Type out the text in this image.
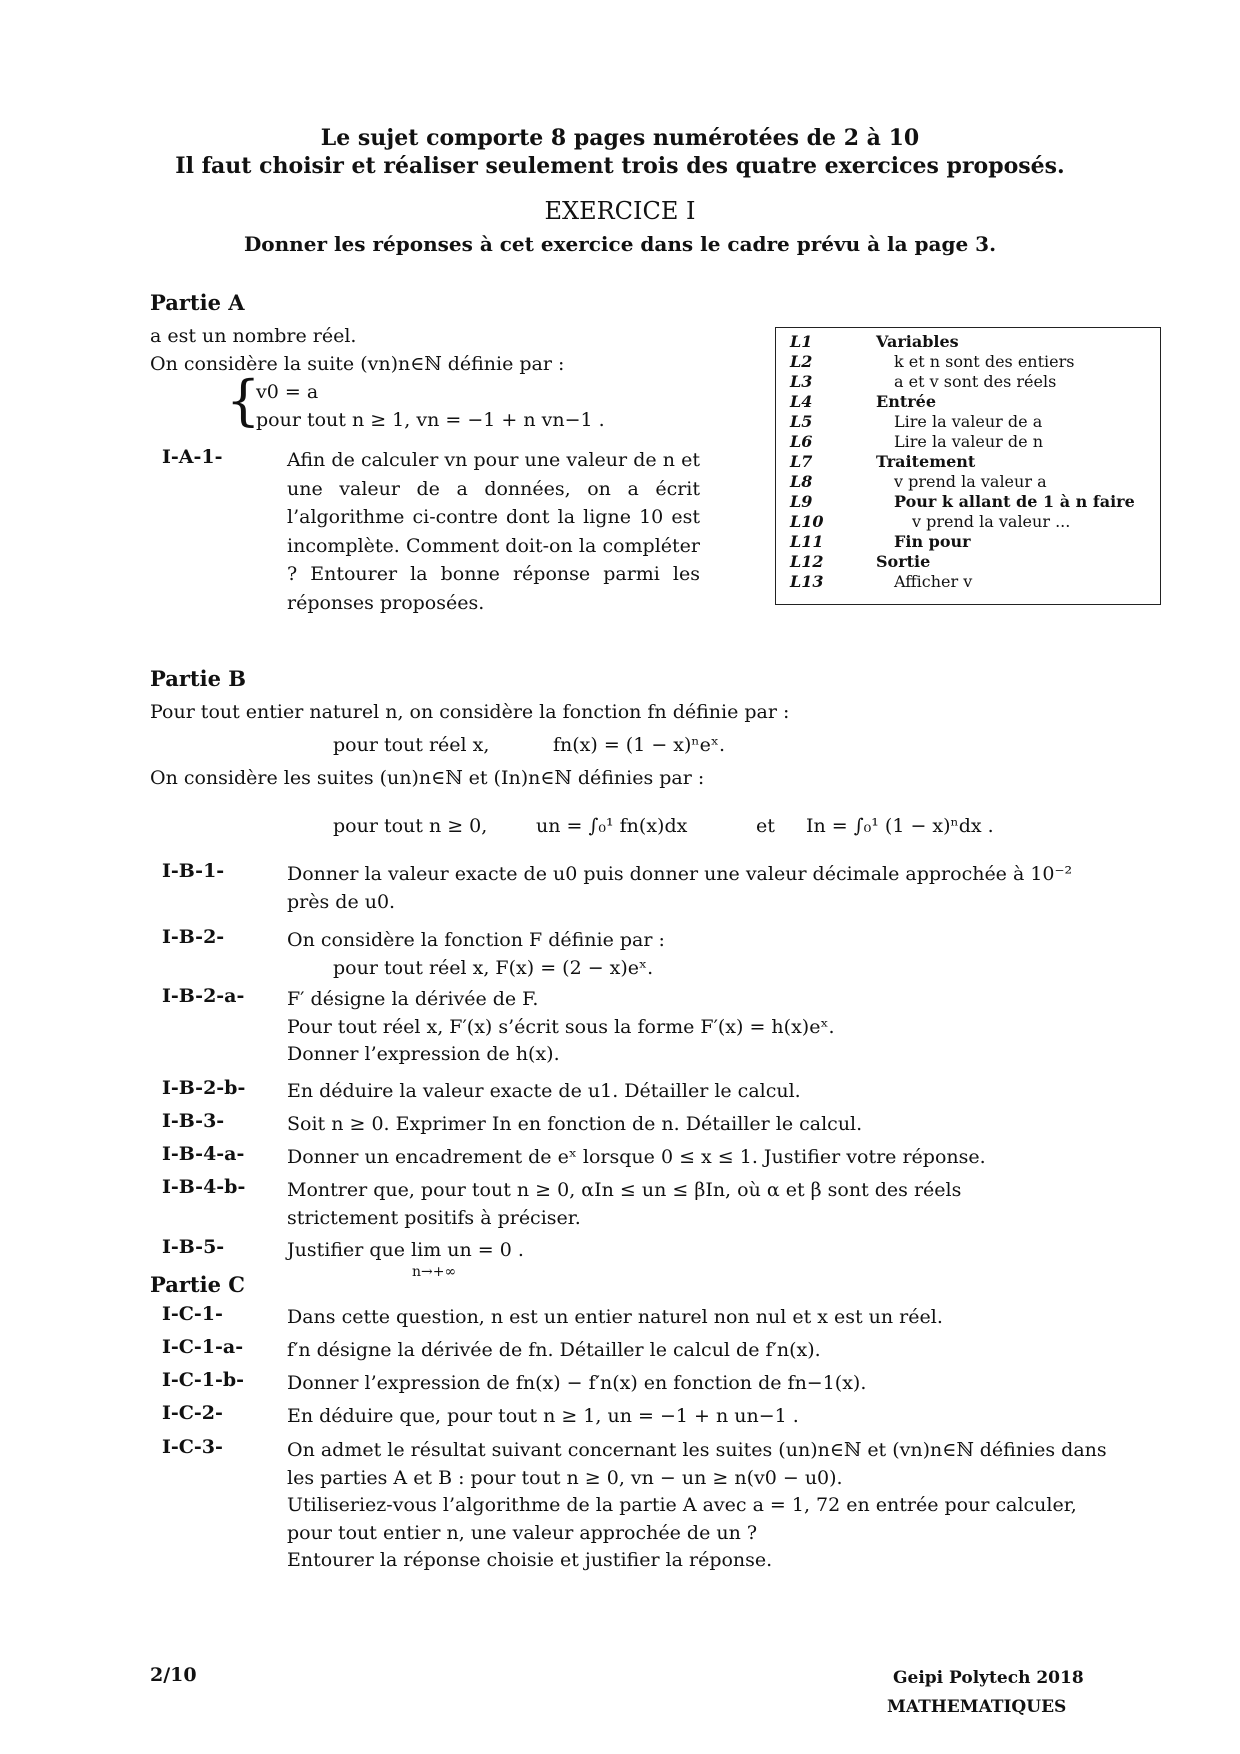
Le sujet comporte 8 pages numérotées de 2 à 10
Il faut choisir et réaliser seulement trois des quatre exercices proposés.
EXERCICE I
Donner les réponses à cet exercice dans le cadre prévu à la page 3.
Partie A
a est un nombre réel.
On considère la suite (vn)n∈ℕ définie par :
{
v0 = a
pour tout n ≥ 1, vn = −1 + n vn−1 .
I-A-1-	Afin de calculer vn pour une valeur de n et une valeur de a données, on a écrit l’algorithme ci-contre dont la ligne 10 est incomplète. Comment doit-on la compléter ? Entourer la bonne réponse parmi les réponses proposées.
L1	Variables
L2	k et n sont des entiers
L3	a et v sont des réels
L4	Entrée
L5	Lire la valeur de a
L6	Lire la valeur de n
L7	Traitement
L8	v prend la valeur a
L9	Pour k allant de 1 à n faire
L10	v prend la valeur ...
L11	Fin pour
L12	Sortie
L13	Afficher v
Partie B
Pour tout entier naturel n, on considère la fonction fn définie par :
pour tout réel x,	fn(x) = (1 − x)ⁿeˣ.
On considère les suites (un)n∈ℕ et (In)n∈ℕ définies par :
pour tout n ≥ 0,	un = ∫₀¹ fn(x)dx	et In = ∫₀¹ (1 − x)ⁿdx .
I-B-1-	Donner la valeur exacte de u0 puis donner une valeur décimale approchée à 10⁻²
près de u0.
I-B-2-	On considère la fonction F définie par :
pour tout réel x, F(x) = (2 − x)eˣ.
I-B-2-a- F′ désigne la dérivée de F.
Pour tout réel x, F′(x) s’écrit sous la forme F′(x) = h(x)eˣ.
Donner l’expression de h(x).
I-B-2-b- En déduire la valeur exacte de u1. Détailler le calcul.
I-B-3-	Soit n ≥ 0. Exprimer In en fonction de n. Détailler le calcul.
I-B-4-a- Donner un encadrement de eˣ lorsque 0 ≤ x ≤ 1. Justifier votre réponse.
I-B-4-b- Montrer que, pour tout n ≥ 0, αIn ≤ un ≤ βIn, où α et β sont des réels
strictement positifs à préciser.
I-B-5-	Justifier que lim un = 0 .
n→+∞
Partie C
I-C-1-	Dans cette question, n est un entier naturel non nul et x est un réel.
I-C-1-a- f′n désigne la dérivée de fn. Détailler le calcul de f′n(x).
I-C-1-b- Donner l’expression de fn(x) − f′n(x) en fonction de fn−1(x).
I-C-2-	En déduire que, pour tout n ≥ 1, un = −1 + n un−1 .
I-C-3-	On admet le résultat suivant concernant les suites (un)n∈ℕ et (vn)n∈ℕ définies dans
les parties A et B : pour tout n ≥ 0, vn − un ≥ n(v0 − u0).
Utiliseriez-vous l’algorithme de la partie A avec a = 1, 72 en entrée pour calculer,
pour tout entier n, une valeur approchée de un ?
Entourer la réponse choisie et justifier la réponse.
2/10	Geipi Polytech 2018
MATHEMATIQUES
